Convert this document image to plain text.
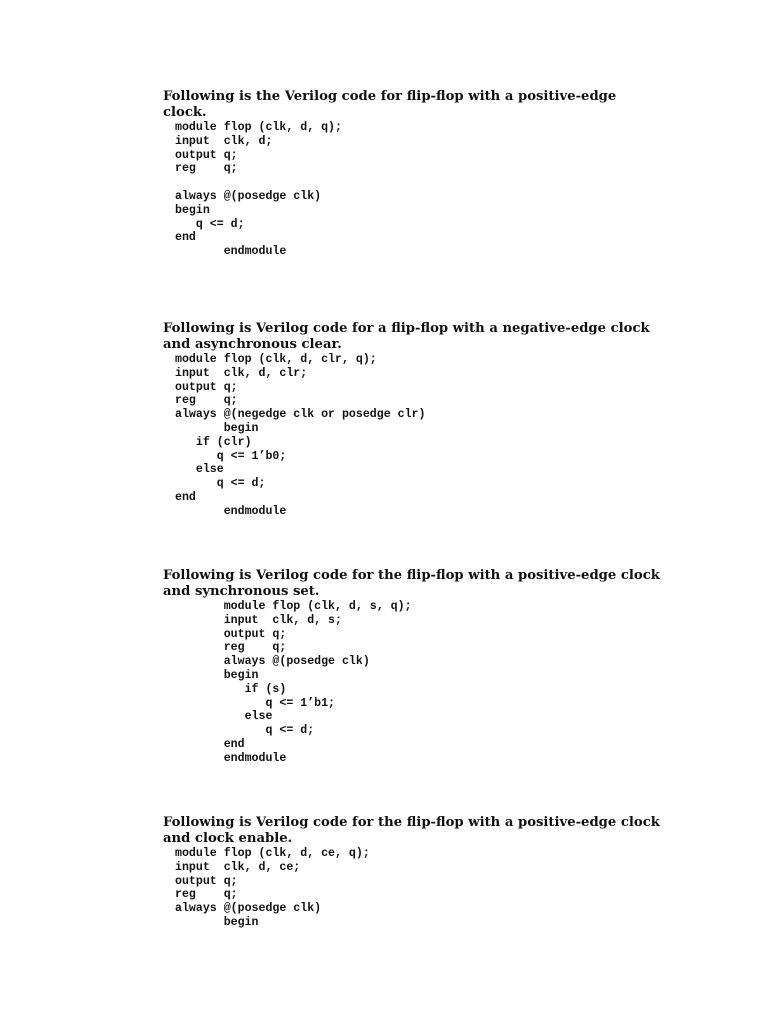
Following is the Verilog code for flip-flop with a positive-edge clock.

module flop (clk, d, q);
input  clk, d;
output q;
reg    q;

always @(posedge clk)
begin
q <= d;
end
endmodule

Following is Verilog code for a flip-flop with a negative-edge clock and asynchronous clear.

module flop (clk, d, clr, q);
input  clk, d, clr;
output q;
reg    q;
always @(negedge clk or posedge clr)
begin
if (clr)
q <= 1’b0;
else
q <= d;
end
endmodule

Following is Verilog code for the flip-flop with a positive-edge clock and synchronous set.

module flop (clk, d, s, q);
input  clk, d, s;
output q;
reg    q;
always @(posedge clk)
begin
if (s)
q <= 1’b1;
else
q <= d;
end
endmodule

Following is Verilog code for the flip-flop with a positive-edge clock and clock enable.

module flop (clk, d, ce, q);
input  clk, d, ce;
output q;
reg    q;
always @(posedge clk)
begin
